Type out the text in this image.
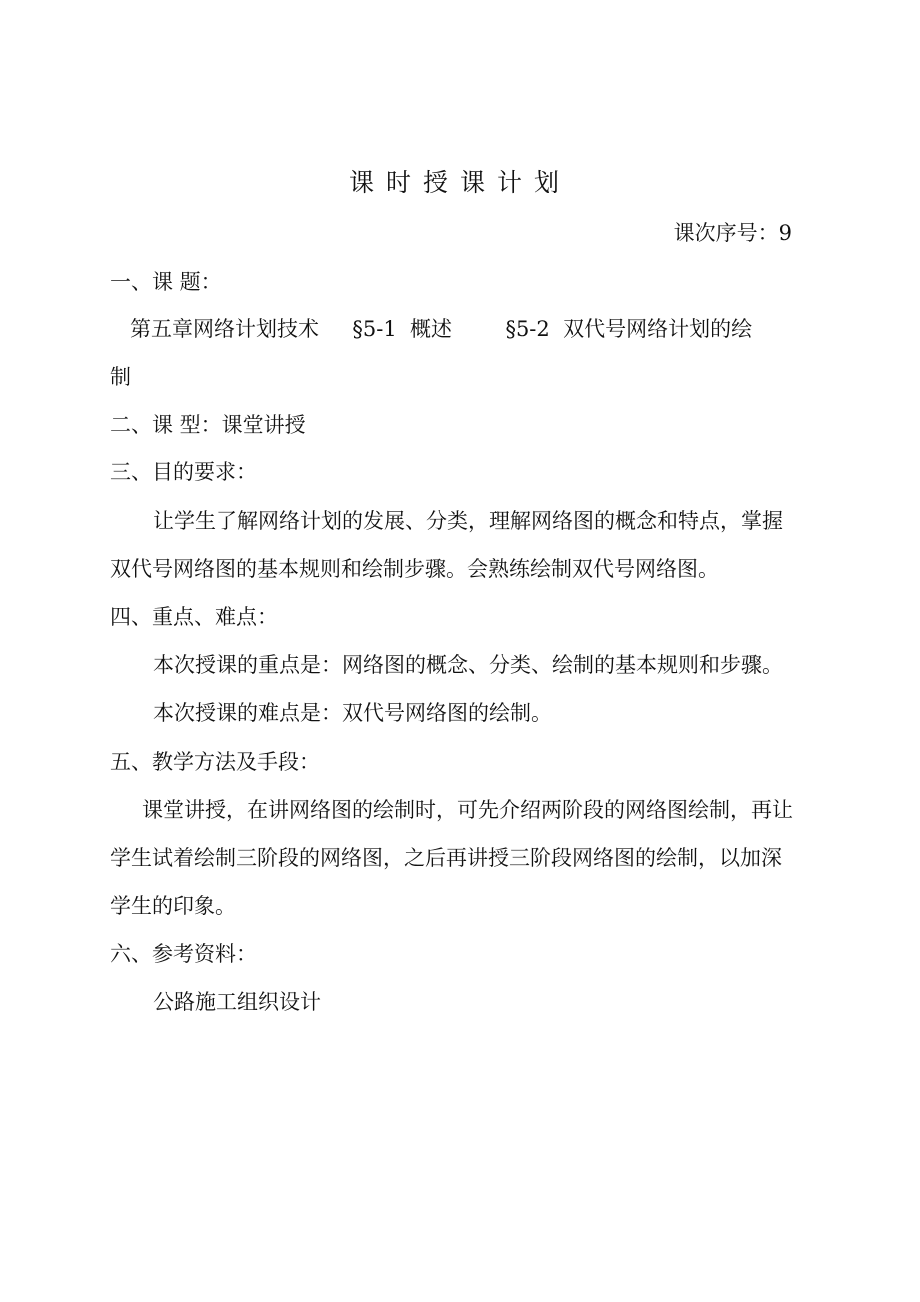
课时授课计划
课次序号：9
一、课 题：
第五章网络计划技术     §5-1  概述        §5-2  双代号网络计划的绘
制
二、课 型：课堂讲授
三、目的要求：
让学生了解网络计划的发展、分类，理解网络图的概念和特点，掌握
双代号网络图的基本规则和绘制步骤。会熟练绘制双代号网络图。
四、重点、难点：
本次授课的重点是：网络图的概念、分类、绘制的基本规则和步骤。
本次授课的难点是：双代号网络图的绘制。
五、教学方法及手段：
课堂讲授，在讲网络图的绘制时，可先介绍两阶段的网络图绘制，再让
学生试着绘制三阶段的网络图，之后再讲授三阶段网络图的绘制，以加深
学生的印象。
六、参考资料：
公路施工组织设计
